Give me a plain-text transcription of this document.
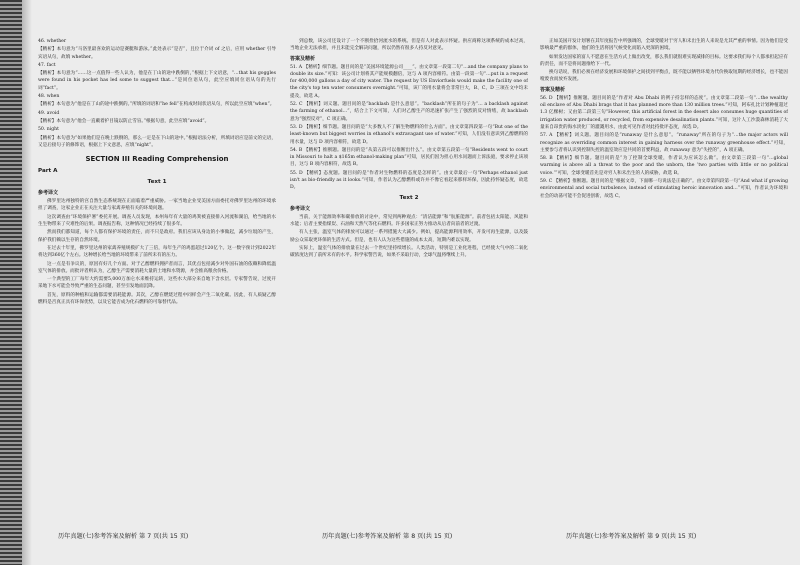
46. whether

【精析】本句意为“马洛里最喜欢的运动是赛艇和游泳。”此处表示“是否”，且位于介词 of 之后，应用 whether 引导宾语从句，故填 whether。

47. fact

【精析】本句意为“……这一点值得一些人认为，他是在丁山的途中跌倒的，”根据上下文语意，“…that his goggles were found in his pocket has led some to suggest that…”是同位语从句，此空应填同位语从句的先行词“fact”。

48. when

【精析】本句意为“他是在丁山的途中跌倒的。”所填的词语和“he fell”在构成时间状语从句，所以此空应填“when”。

49. avoid

【精析】本句意为“他会一直戴着护目镜以防止雪盲。”根据句意，此空应填“avoid”。

50. night

【精析】本句意为“如果他们是在晚上跌倒的，那么一定是在下山的途中。”根据语法分析，所填词语应是前文的完语，又是后接句子的修饰语，根据上下文意思，应填“night”。

SECTION III Reading Comprehension
Part A
Text 1
参考译文

佛罗里达州独特的宫自然生态系统现在正面临着严重威胁。一家当地企业受美国方面委托对佛罗里达州的环境承担了调查，这家企业正在关注大量与家禽养殖有关的环境问题。

这次调查由“环境保护署”委托开展。调查人员发现，本州每年有大量的鸡粪被直接排入河流和湖泊，给当地的水生生物带来了灾难性的后果。调查报告称，这种情况已经持续了很多年。

然而我们都知道，每个人都有保护环境的责任，而不只是政府。我们应该从身边的小事做起，减少垃圾的产生，保护我们赖以生存的自然环境。

在过去十年里，佛罗里达州的家禽养殖规模扩大了三倍，每年生产的鸡蛋超过120亿个。这一数字预计到2022年将达到360亿个左右。这种增长给当地的环境带来了前所未有的压力。

这一点是有争议的，原因有好几个方面。对于乙醇燃料拥护者而言，其优点包括减少对外国石油的依赖和降低温室气体的排放。而批评者则认为，乙醇生产需要消耗大量的土地和水资源，并会推高粮食价格。

一个典型的工厂每年大约需要5,000万加仑水来维持运转，这些水大部分来自地下含水层。专家警告说，过度开采地下水可能会导致严重的生态问题，甚至引发地面沉降。

首先，原料的种植和运输都需要消耗能源。其次，乙醇在燃烧过程中同样会产生二氧化碳。因此，有人质疑乙醇燃料是否真正具有环保优势，以及它能否成为化石燃料的可靠替代品。

到总数，该公司还设计了一个不断捡拾河流水的系统。但是有人对此表示怀疑。供应商称这项系统的成本过高，当地企业无法承担，并且未能完全解决问题，所以仍然有很多人持反对意见。

答案及精析

51. A 【精析】细节题。题目问的是“美国环境能源公司____”。由文章第一段第二句“…and the company plans to double its size.”可知：该公司计划将其产能规模翻倍，这与 A 项内容相符。由第一段第一句“…put in a request for 400,000 gallons a day of city water. The request by US Enviorfuels would make the facility one of the city's top ten water consumers overnight.”可知，该厂的用水量将会非常巨大，B、C、D 三项在文中均未提及，故选 A。

52. C 【精析】词义题。题目问的是“backlash 是什么意思”。“backlash”所在的句子为“… a backlash against the farming of ethanol…”，结合上下文可知，人们对乙醇生产的迅速扩张产生了强烈的反对情绪，故 backlash 意为“强烈反对”，C 项正确。

53. D 【精析】细节题。题目问的是“大多数人不了解生物燃料的什么方面”。由文章第四段第一句“But one of the least-known but biggest worries in ethanol's extravagant use of water.”可知，人们没有意识到乙醇燃料的用水量，这与 D 项内容相符，故选 D。

54. B 【精析】推断题。题目问的是“从第五段可以推断出什么”。由文章第五段第一句“Residents went to court in Missouri to halt a $165m ethanol-making plan”可知，居民们因为担心用水问题而上诉法庭，要求停止该项目，这与 B 项内容相符，故选 B。

55. D 【精析】态度题。题目问的是“作者对生物燃料的态度是怎样的”。由文章最后一句“Perhaps ethanol just isn't as bio-friendly as it looks.”可知，作者认为乙醇燃料或许并不像它看起来那样环保，因此持怀疑态度，故选 D。

Text 2
参考译文

当前，关于能源效率和碳排放的讨论中，常见到两种观点：“清洁能源”和“肮脏能源”。前者包括太阳能、风能和水能；后者主要指煤炭、石油和天然气等化石燃料。许多国家正努力推动从后者向前者的过渡。

有人主张，温室气体的排放可以通过一系列措施大大减少。例如，提高能源利用效率，开发可再生能源，以及鼓励公众采取更环保的生活方式。但是，也有人认为这些措施的成本太高，短期内难以实现。

实际上，温室气体的排放量在过去一个世纪里持续增长。人类活动，特别是工业化进程，已经使大气中的二氧化碳浓度达到了前所未有的水平。科学家警告说，如果不采取行动，全球气温将继续上升。

正如美国开发计划署在其年度报告中所强调的，全球变暖对于穷人和未出生的人来说是尤其严重的事情。因为他们是受影响最严重的群体，他们的生活将因气候变化而陷入更深的困境。

如果发达国家的富人不愿意在生活方式上做出改变，那么我们就很难实现减排的目标。这要求我们每个人都承担起应有的责任，而不是将问题推给下一代。

换句话说，我们必须在经济发展和环境保护之间找到平衡点，既不能以牺牲环境为代价换取短期的经济增长，也不能因噎废食而放弃发展。

答案及精析

56. D 【精析】推断题。题目问的是“作者对 Abu Dhabi 的例子持怎样的态度”。由文章第二段第一句“…the wealthy oil enclave of Abu Dhabi brags that it has planned more than 130 million trees.”可知，阿布扎比计划种植超过 1.3 亿棵树；又由第二段第三句“However, this artificial forest in the desert also consumes huge quantities of irrigation water produced, or recycled, from expensive desalination plants.”可知，这片人工沙漠森林消耗了大量来自昂贵的海水淡化厂的灌溉用水，由此可见作者对此持批评态度，故选 D。

57. A 【精析】词义题。题目问的是“runaway 是什么意思”。“runaway”所在的句子为“…the major actors will recognize as overriding common interest in gaining harness over the runaway greenhouse effect.”可知，主要参与者将认识到控制失控的温室效应是共同的首要利益，故 runaway 意为“失控的”，A 项正确。

58. B 【精析】细节题。题目问的是“为了控制全球变暖，作者认为应该怎么做”。由文章第三段第一句“…global warming is above all a threat to the poor and the unborn, the ‘two parties with little or no political voice.’”可知，全球变暖首先是对穷人和未出生的人的威胁，故选 B。

59. C 【精析】推断题。题目问的是“根据文章，下面哪一句说法是正确的”。由文章第四段第一句“And what if growing environmental and social turbulence, instead of stimulating heroic innovation and…”可知，作者认为环境和社会的动荡可能不会促进创新，故选 C。

历年真题(七)参考答案及解析 第 7 页(共 15 页)	历年真题(七)参考答案及解析 第 8 页(共 15 页)	历年真题(七)参考答案及解析 第 9 页(共 15 页)
